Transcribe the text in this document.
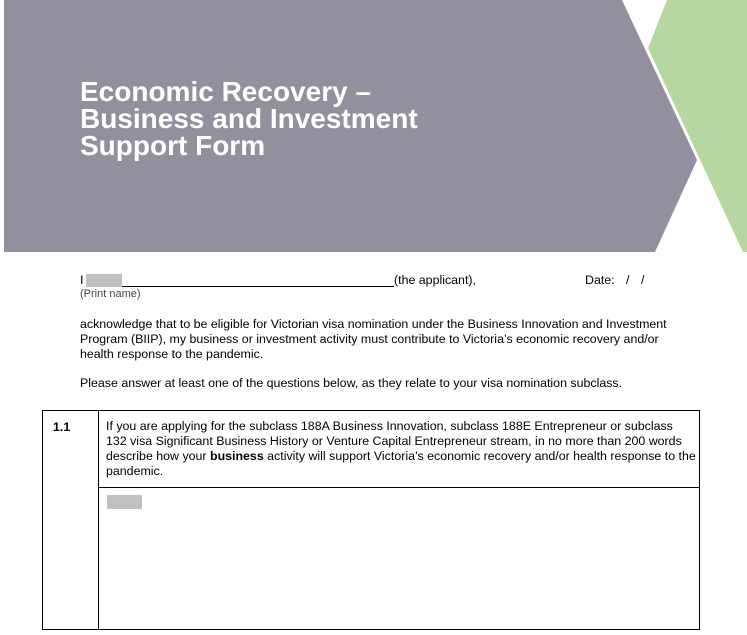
Economic Recovery –
Business and Investment
Support Form
I	(the applicant),	Date: / /
(Print name)

acknowledge that to be eligible for Victorian visa nomination under the Business Innovation and Investment Program (BIIP), my business or investment activity must contribute to Victoria’s economic recovery and/or health response to the pandemic.

Please answer at least one of the questions below, as they relate to your visa nomination subclass.

1.1	If you are applying for the subclass 188A Business Innovation, subclass 188E Entrepreneur or subclass 132 visa Significant Business History or Venture Capital Entrepreneur stream, in no more than 200 words describe how your business activity will support Victoria’s economic recovery and/or health response to the pandemic.
